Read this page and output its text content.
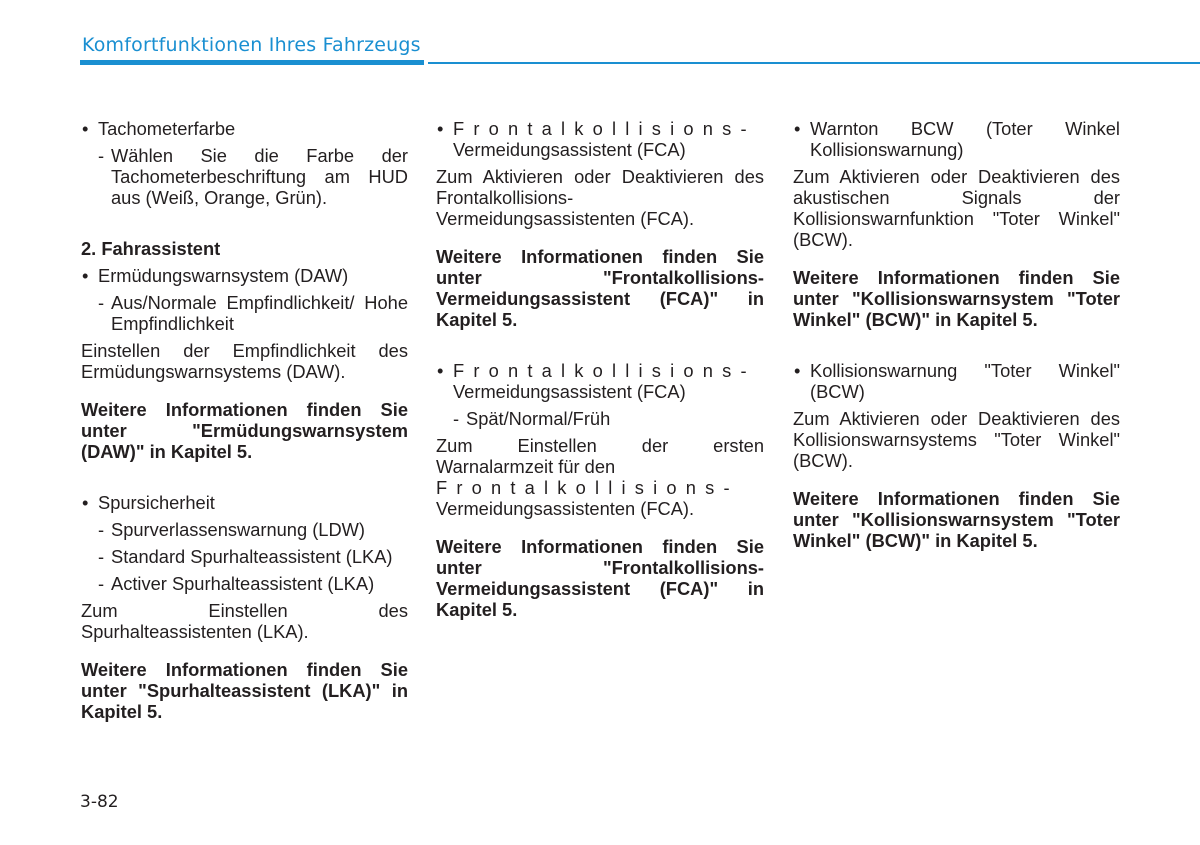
Komfortfunktionen Ihres Fahrzeugs
• Tachometerfarbe
- Wählen Sie die Farbe der Tachometerbeschriftung am HUD aus (Weiß, Orange, Grün).
2. Fahrassistent
• Ermüdungswarnsystem (DAW)
- Aus/Normale Empfindlichkeit/ Hohe Empfindlichkeit
Einstellen der Empfindlichkeit des Ermüdungswarnsystems (DAW).
Weitere Informationen finden Sie unter "Ermüdungswarnsystem (DAW)" in Kapitel 5.
• Spursicherheit
- Spurverlassenswarnung (LDW)
- Standard Spurhalteassistent (LKA)
- Activer Spurhalteassistent (LKA)
Zum Einstellen des Spurhalteassistenten (LKA).
Weitere Informationen finden Sie unter "Spurhalteassistent (LKA)" in Kapitel 5.
• Frontalkollisions-
Vermeidungsassistent (FCA)
Zum Aktivieren oder Deaktivieren des Frontalkollisions-Vermeidungsassistenten (FCA).
Weitere Informationen finden Sie unter "Frontalkollisions-Vermeidungsassistent (FCA)" in Kapitel 5.
• Frontalkollisions-
Vermeidungsassistent (FCA)
- Spät/Normal/Früh
Zum Einstellen der ersten Warnalarmzeit für den
Frontalkollisions-
Vermeidungsassistenten (FCA).
Weitere Informationen finden Sie unter "Frontalkollisions-Vermeidungsassistent (FCA)" in Kapitel 5.
• Warnton BCW (Toter Winkel Kollisionswarnung)
Zum Aktivieren oder Deaktivieren des akustischen Signals der Kollisionswarnfunktion "Toter Winkel" (BCW).
Weitere Informationen finden Sie unter "Kollisionswarnsystem "Toter Winkel" (BCW)" in Kapitel 5.
• Kollisionswarnung "Toter Winkel" (BCW)
Zum Aktivieren oder Deaktivieren des Kollisionswarnsystems "Toter Winkel" (BCW).
Weitere Informationen finden Sie unter "Kollisionswarnsystem "Toter Winkel" (BCW)" in Kapitel 5.
3-82
